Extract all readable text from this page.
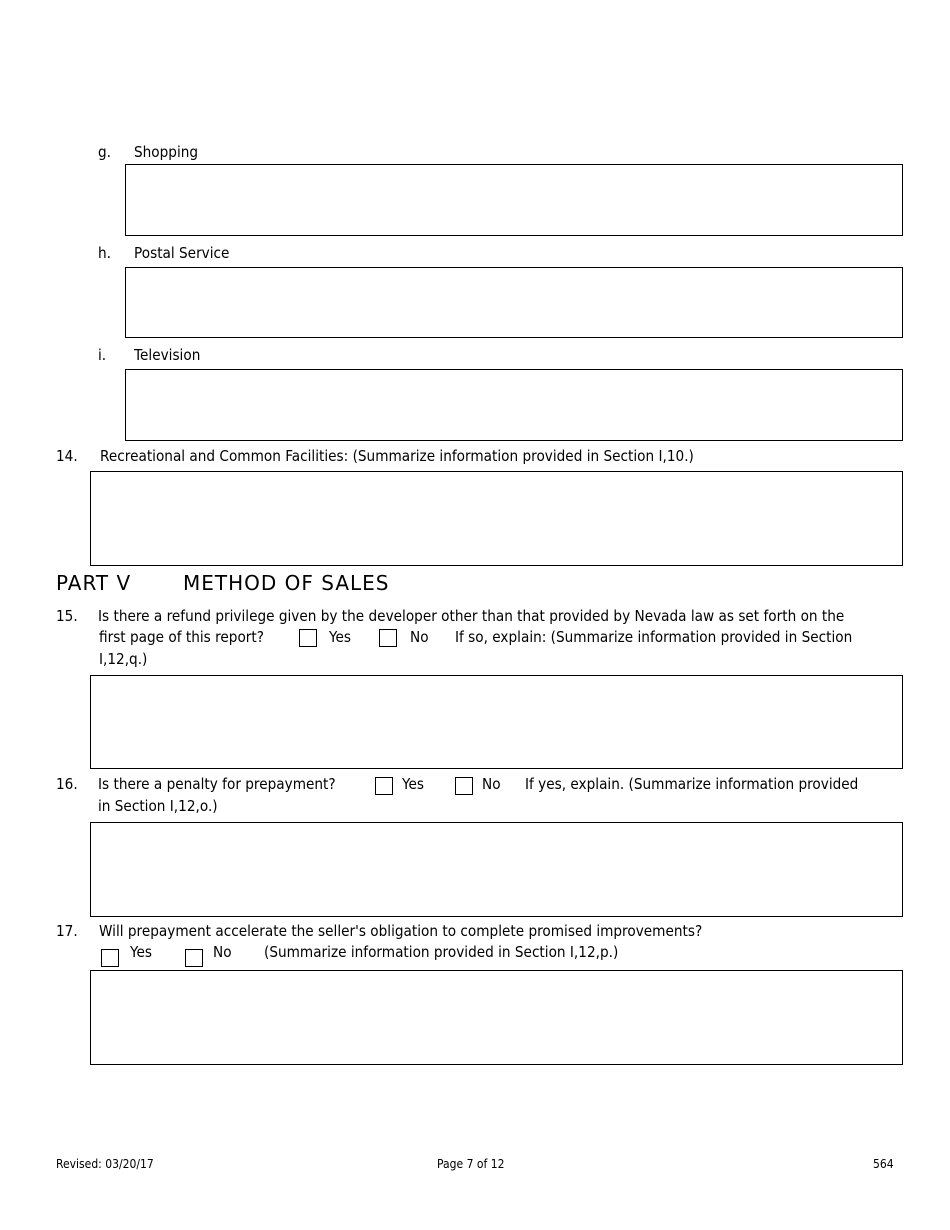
g. Shopping
h. Postal Service
i. Television
14. Recreational and Common Facilities: (Summarize information provided in Section I,10.)
PART V	METHOD OF SALES
15. Is there a refund privilege given by the developer other than that provided by Nevada law as set forth on the
first page of this report?	Yes	No If so, explain: (Summarize information provided in Section
I,12,q.)
16. Is there a penalty for prepayment?	Yes	No If yes, explain. (Summarize information provided
in Section I,12,o.)
17. Will prepayment accelerate the seller's obligation to complete promised improvements?
Yes	No (Summarize information provided in Section I,12,p.)
Revised: 03/20/17	Page 7 of 12	564
